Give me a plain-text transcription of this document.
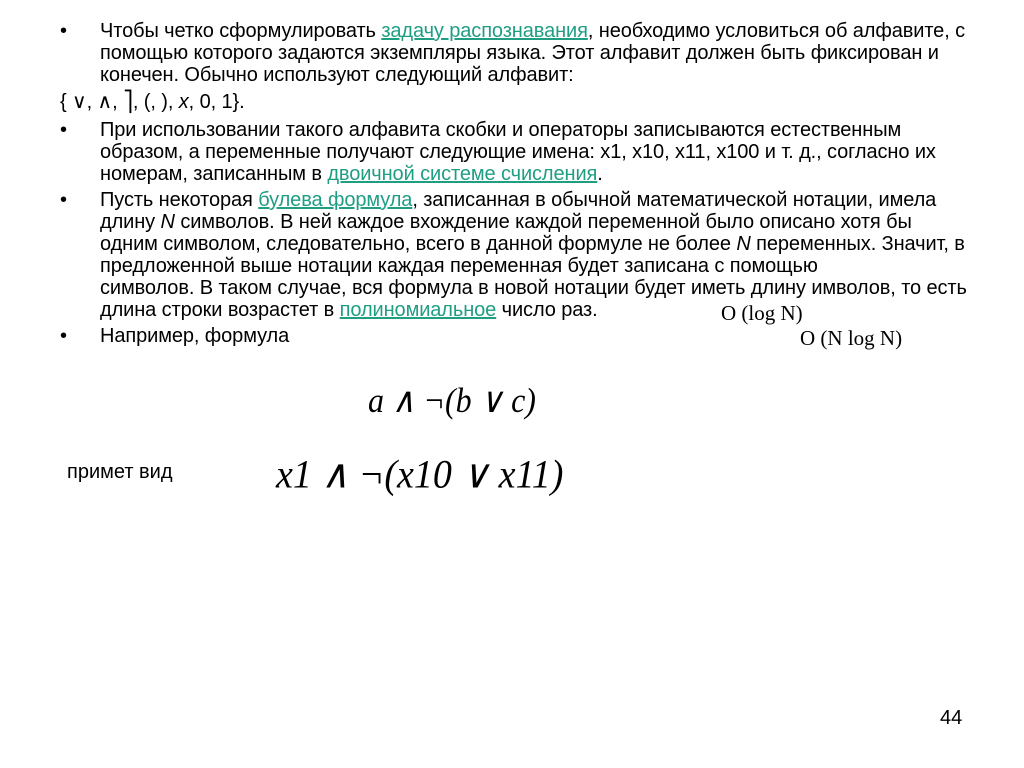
• Чтобы четко сформулировать задачу распознавания, необходимо условиться об алфавите, с помощью которого задаются экземпляры языка. Этот алфавит должен быть фиксирован и конечен. Обычно используют следующий алфавит:
{ ∨, ∧, ⎤, (, ), x, 0, 1}.
• При использовании такого алфавита скобки и операторы записываются естественным образом, а переменные получают следующие имена: x1, x10, x11, x100 и т. д., согласно их номерам, записанным в двоичной системе счисления.
• Пусть некоторая булева формула, записанная в обычной математической нотации, имела длину N символов. В ней каждое вхождение каждой переменной было описано хотя бы одним символом, следовательно, всего в данной формуле не более N переменных. Значит, в предложенной выше нотации каждая переменная будет записана с помощью символов. В таком случае, вся формула в новой нотации будет иметь длину имволов, то есть длина строки возрастет в полиномиальное число раз.
• Например, формула
O (log N)
O (N log N)
a ∧ ¬(b ∨ c)
примет вид	x1 ∧ ¬(x10 ∨ x11)
44
